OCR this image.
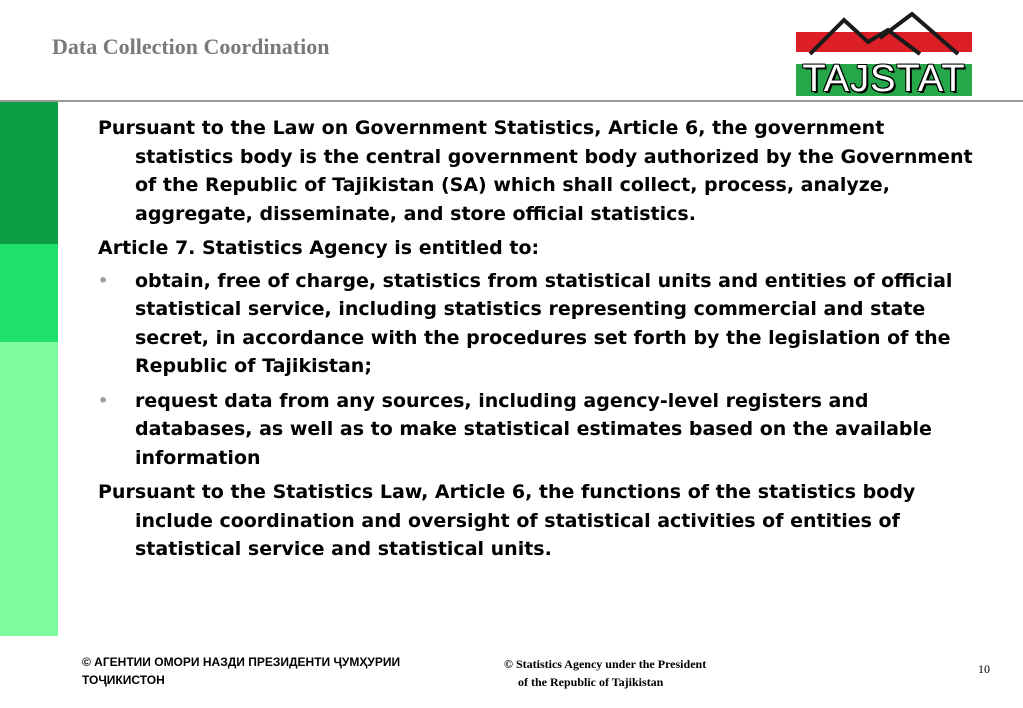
Data Collection Coordination
TAJSTAT

Pursuant to the Law on Government Statistics, Article 6, the government statistics body is the central government body authorized by the Government of the Republic of Tajikistan (SA) which shall collect, process, analyze, aggregate, disseminate, and store official statistics.

Article 7. Statistics Agency is entitled to:

• obtain, free of charge, statistics from statistical units and entities of official statistical service, including statistics representing commercial and state secret, in accordance with the procedures set forth by the legislation of the Republic of Tajikistan;
• request data from any sources, including agency-level registers and databases, as well as to make statistical estimates based on the available information

Pursuant to the Statistics Law, Article 6, the functions of the statistics body include coordination and oversight of statistical activities of entities of statistical service and statistical units.

© АГЕНТИИ ОМОРИ НАЗДИ ПРЕЗИДЕНТИ ҶУМҲУРИИ
ТОҶИКИСТОН
© Statistics Agency under the President
of the Republic of Tajikistan
10
